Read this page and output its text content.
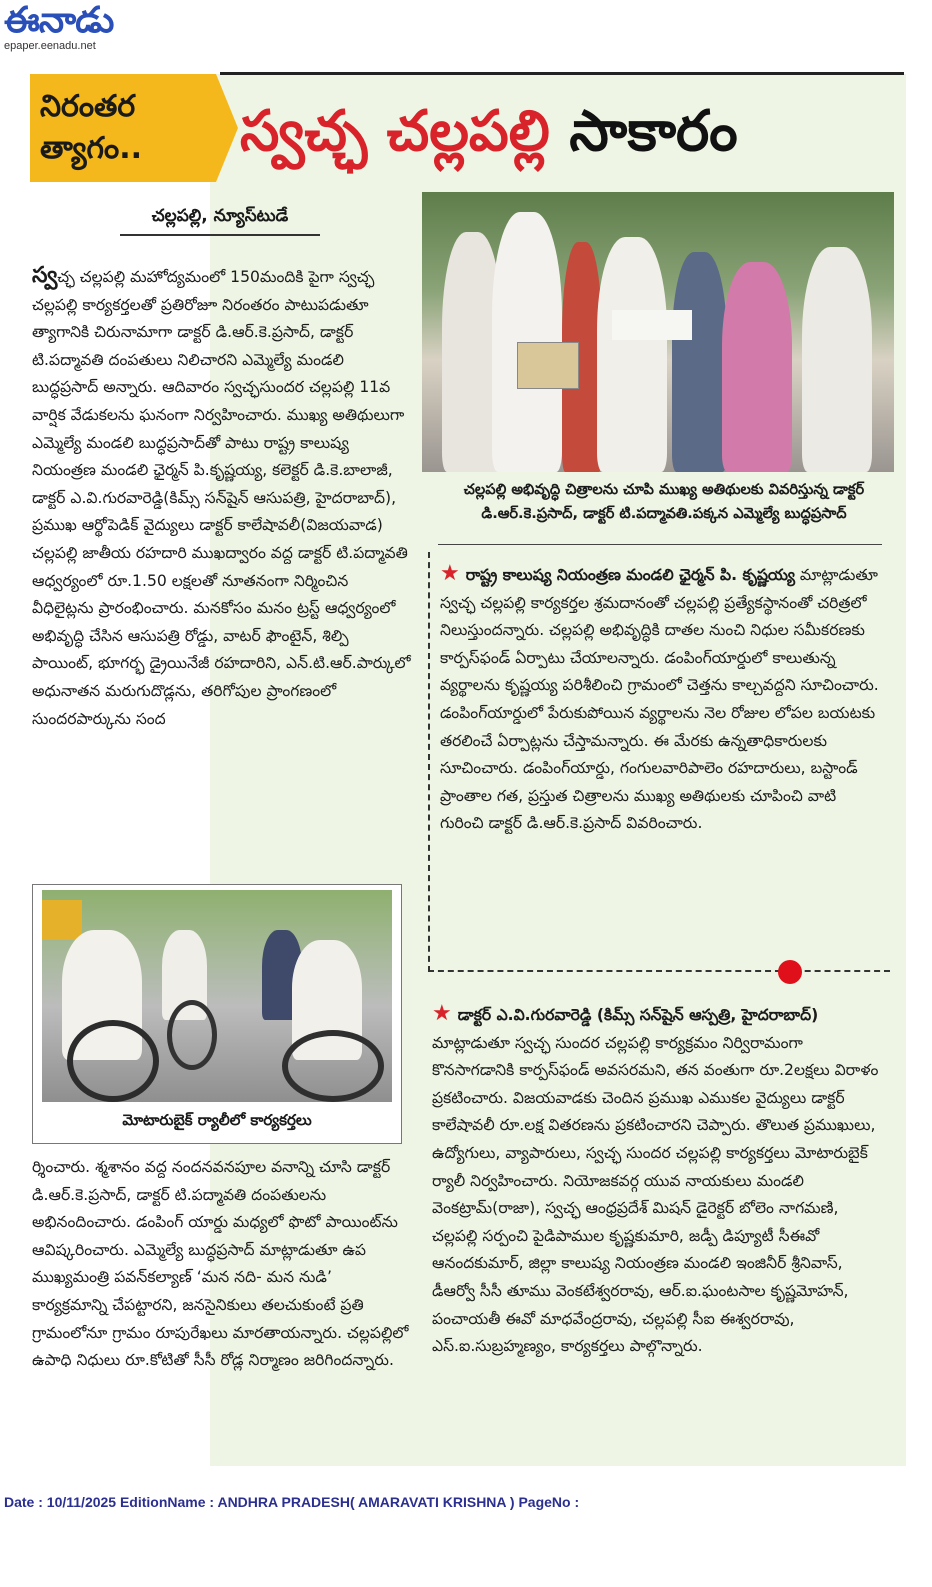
ఈనాడు
epaper.eenadu.net
నిరంతర త్యాగం..	స్వచ్ఛ చల్లపల్లి సాకారం
చల్లపల్లి, న్యూస్‌టుడే
స్వచ్ఛ చల్లపల్లి మహోద్యమంలో 150మందికి పైగా స్వచ్ఛ చల్లపల్లి కార్యకర్తలతో ప్రతిరోజూ నిరంతరం పాటుపడుతూ త్యాగానికి చిరునామాగా డాక్టర్ డి.ఆర్.కె.ప్రసాద్, డాక్టర్ టి.పద్మావతి దంపతులు నిలిచారని ఎమ్మెల్యే మండలి బుద్ధప్రసాద్ అన్నారు. ఆదివారం స్వచ్ఛసుందర చల్లపల్లి 11వ వార్షిక వేడుకలను ఘనంగా నిర్వహించారు. ముఖ్య అతిథులుగా ఎమ్మెల్యే మండలి బుద్ధప్రసాద్‌తో పాటు రాష్ట్ర కాలుష్య నియంత్రణ మండలి ఛైర్మన్ పి.కృష్ణయ్య, కలెక్టర్ డి.కె.బాలాజీ, డాక్టర్ ఎ.వి.గురవారెడ్డి(కిమ్స్ సన్‌షైన్ ఆసుపత్రి, హైదరాబాద్), ప్రముఖ ఆర్థోపెడిక్ వైద్యులు డాక్టర్ కాలేషావలీ(విజయవాడ) చల్లపల్లి జాతీయ రహదారి ముఖద్వారం వద్ద డాక్టర్ టి.పద్మావతి ఆధ్వర్యంలో రూ.1.50 లక్షలతో నూతనంగా నిర్మించిన వీధిలైట్లను ప్రారంభించారు. మనకోసం మనం ట్రస్ట్ ఆధ్వర్యంలో అభివృద్ధి చేసిన ఆసుపత్రి రోడ్డు, వాటర్ ఫౌంటైన్, శిల్పి పాయింట్, భూగర్భ డ్రైయినేజీ రహదారిని, ఎన్.టి.ఆర్.పార్కులో అధునాతన మరుగుదొడ్లను, తరిగోపుల ప్రాంగణంలో సుందరపార్కును సంద
చల్లపల్లి అభివృద్ధి చిత్రాలను చూపి ముఖ్య అతిథులకు వివరిస్తున్న డాక్టర్ డి.ఆర్.కె.ప్రసాద్, డాక్టర్ టి.పద్మావతి.పక్కన ఎమ్మెల్యే బుద్ధప్రసాద్
★ రాష్ట్ర కాలుష్య నియంత్రణ మండలి ఛైర్మన్ పి. కృష్ణయ్య మాట్లాడుతూ స్వచ్ఛ చల్లపల్లి కార్యకర్తల శ్రమదానంతో చల్లపల్లి ప్రత్యేకస్థానంతో చరిత్రలో నిలుస్తుందన్నారు. చల్లపల్లి అభివృద్ధికి దాతల నుంచి నిధుల సమీకరణకు కార్పస్‌ఫండ్ ఏర్పాటు చేయాలన్నారు. డంపింగ్‌యార్డులో కాలుతున్న వ్యర్థాలను కృష్ణయ్య పరిశీలించి గ్రామంలో చెత్తను కాల్చవద్దని సూచించారు. డంపింగ్‌యార్డులో పేరుకుపోయిన వ్యర్థాలను నెల రోజుల లోపల బయటకు తరలించే ఏర్పాట్లను చేస్తామన్నారు. ఈ మేరకు ఉన్నతాధికారులకు సూచించారు. డంపింగ్‌యార్డు, గంగులవారిపాలెం రహదారులు, బస్టాండ్ ప్రాంతాల గత, ప్రస్తుత చిత్రాలను ముఖ్య అతిథులకు చూపించి వాటి గురించి డాక్టర్ డి.ఆర్.కె.ప్రసాద్ వివరించారు.
మోటారుబైక్ ర్యాలీలో కార్యకర్తలు
★ డాక్టర్ ఎ.వి.గురవారెడ్డి (కిమ్స్ సన్‌షైన్ ఆస్పత్రి, హైదరాబాద్) మాట్లాడుతూ స్వచ్ఛ సుందర చల్లపల్లి కార్యక్రమం నిర్విరామంగా కొనసాగడానికి కార్పస్‌ఫండ్ అవసరమని, తన వంతుగా రూ.2లక్షలు విరాళం ప్రకటించారు. విజయవాడకు చెందిన ప్రముఖ ఎముకల వైద్యులు డాక్టర్ కాలేషావలీ రూ.లక్ష వితరణను ప్రకటించారని చెప్పారు. తొలుత ప్రముఖులు, ఉద్యోగులు, వ్యాపారులు, స్వచ్ఛ సుందర చల్లపల్లి కార్యకర్తలు మోటారుబైక్ ర్యాలీ నిర్వహించారు. నియోజకవర్గ యువ నాయకులు మండలి వెంకట్రామ్(రాజా), స్వచ్ఛ ఆంధ్రప్రదేశ్ మిషన్ డైరెక్టర్ బోలెం నాగమణి, చల్లపల్లి సర్పంచి పైడిపాముల కృష్ణకుమారి, జడ్పీ డిప్యూటీ సీఈవో ఆనందకుమార్, జిల్లా కాలుష్య నియంత్రణ మండలి ఇంజినీర్ శ్రీనివాస్, డీఆర్వో సీసీ తూము వెంకటేశ్వరరావు, ఆర్.ఐ.ఘంటసాల కృష్ణమోహన్, పంచాయతీ ఈవో మాధవేంద్రరావు, చల్లపల్లి సీఐ ఈశ్వరరావు, ఎస్.ఐ.సుబ్రహ్మణ్యం, కార్యకర్తలు పాల్గొన్నారు.
ర్శించారు. శ్మశానం వద్ద నందనవనపూల వనాన్ని చూసి డాక్టర్ డి.ఆర్.కె.ప్రసాద్, డాక్టర్ టి.పద్మావతి దంపతులను అభినందించారు. డంపింగ్ యార్డు మధ్యలో ఫొటో పాయింట్‌ను ఆవిష్కరించారు. ఎమ్మెల్యే బుద్ధప్రసాద్ మాట్లాడుతూ ఉప ముఖ్యమంత్రి పవన్‌కల్యాణ్ ‘మన నది- మన నుడి’ కార్యక్రమాన్ని చేపట్టారని, జనసైనికులు తలచుకుంటే ప్రతి గ్రామంలోనూ గ్రామం రూపురేఖలు మారతాయన్నారు. చల్లపల్లిలో ఉపాధి నిధులు రూ.కోటితో సీసీ రోడ్ల నిర్మాణం జరిగిందన్నారు.
Date : 10/11/2025 EditionName : ANDHRA PRADESH( AMARAVATI KRISHNA ) PageNo :
